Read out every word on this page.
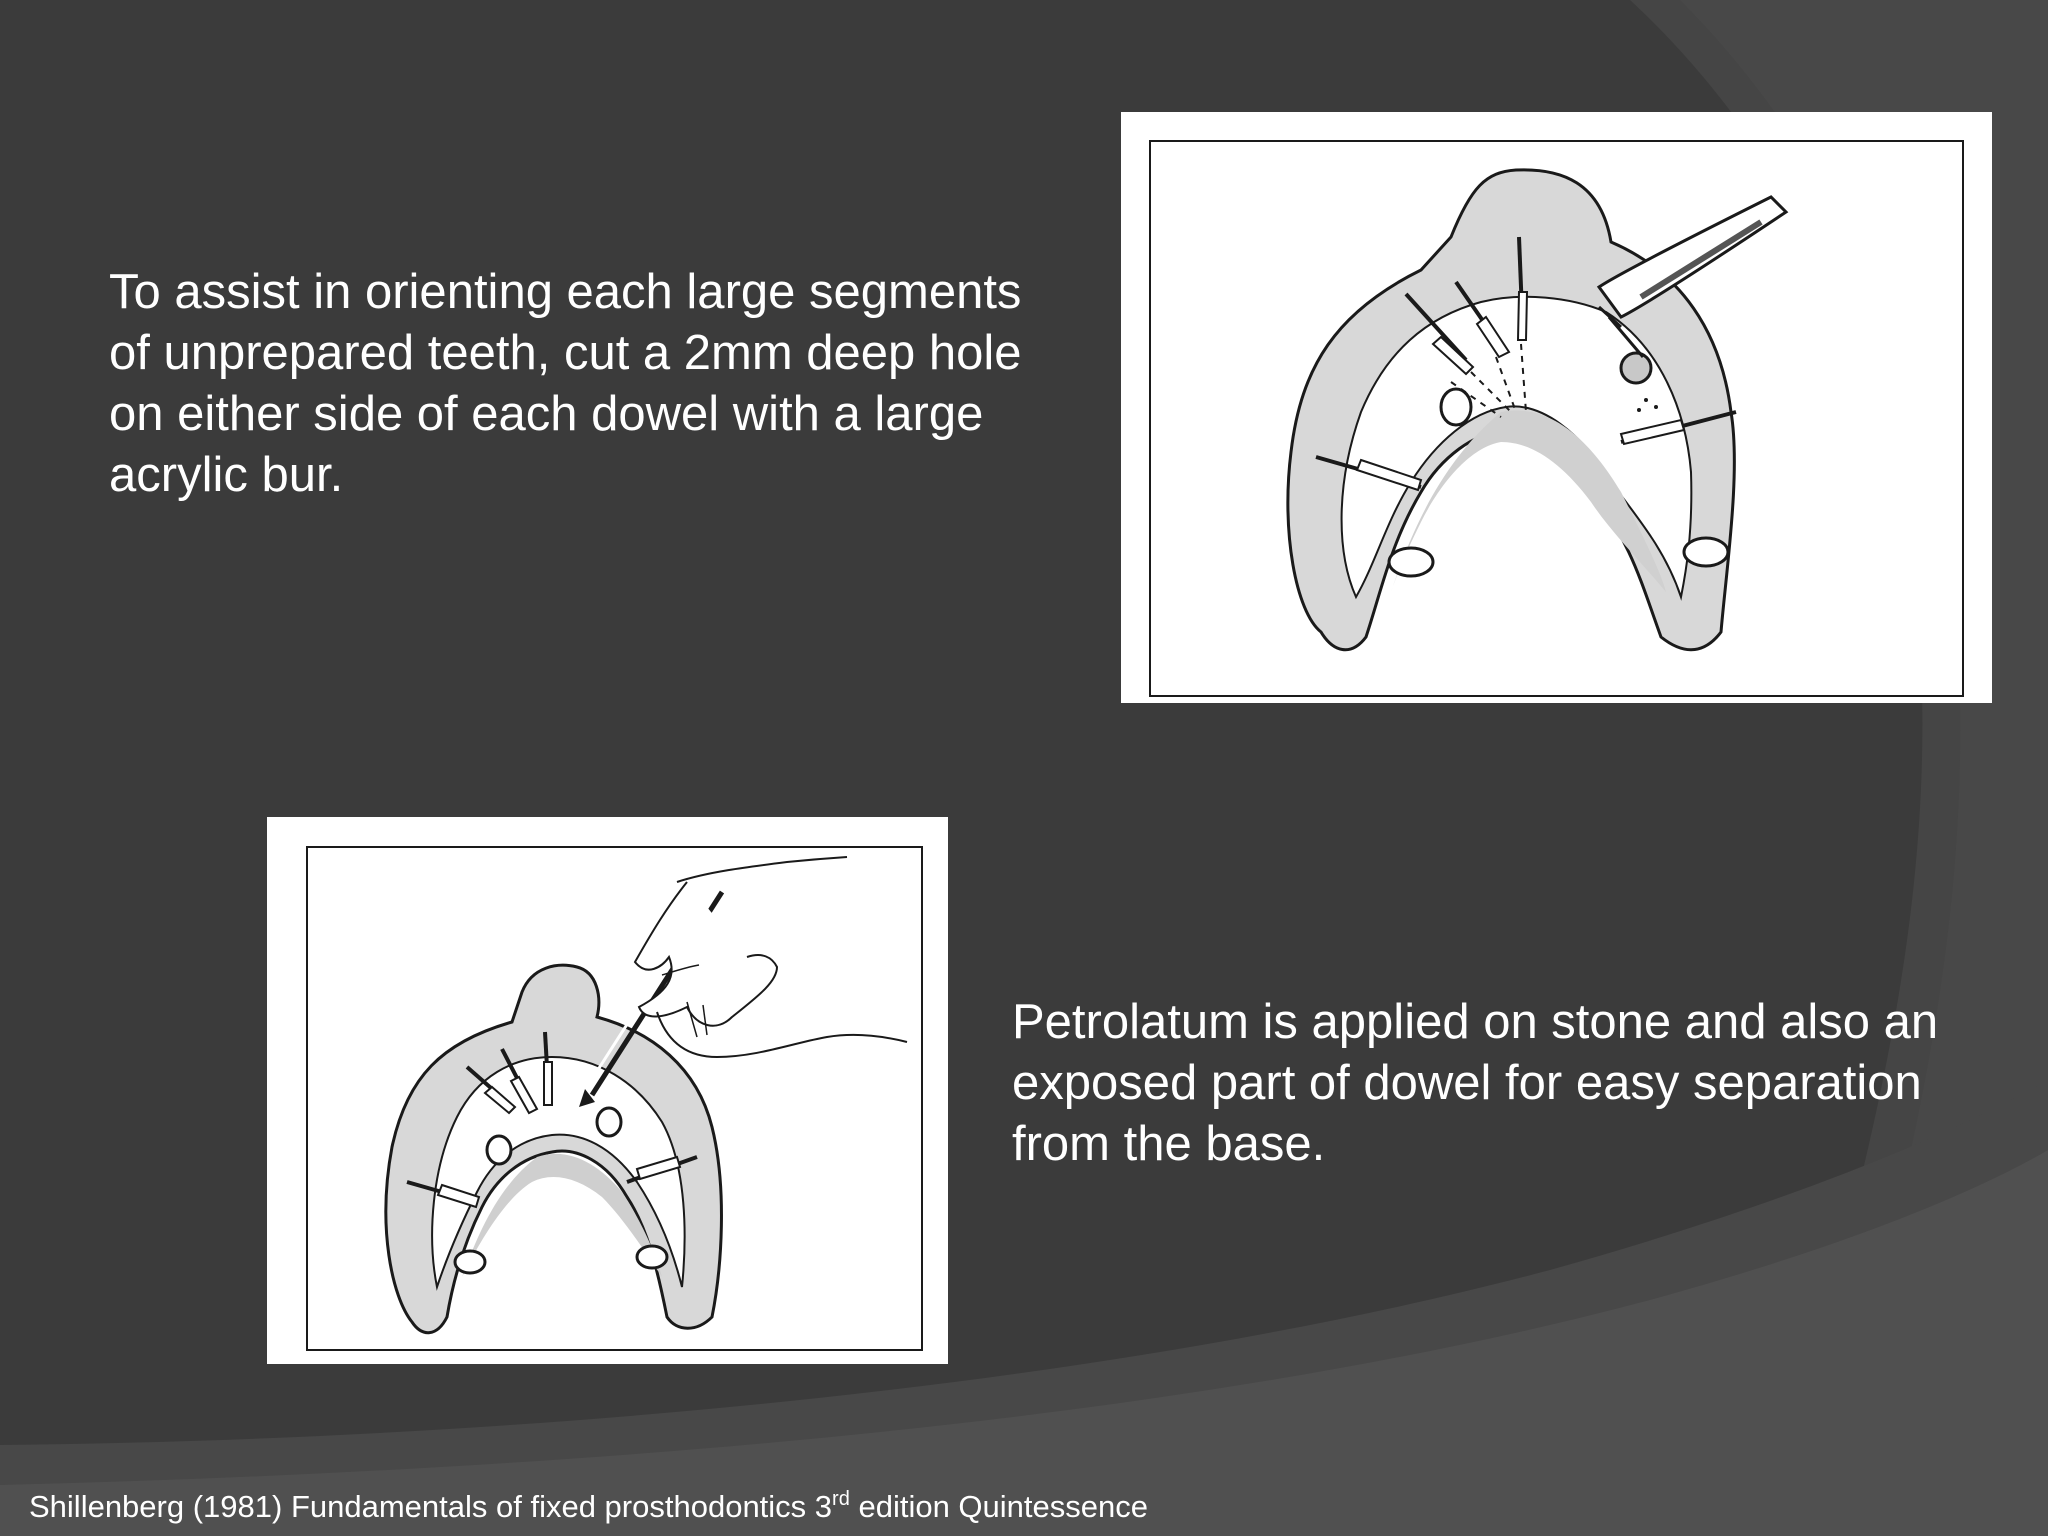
To assist in orienting each large segments
of unprepared teeth, cut a 2mm deep hole
on either side of each dowel with a large
acrylic bur.

Petrolatum is applied on stone and also an
exposed part of dowel for easy separation
from the base.

Shillenberg (1981) Fundamentals of fixed prosthodontics 3rd edition Quintessence
